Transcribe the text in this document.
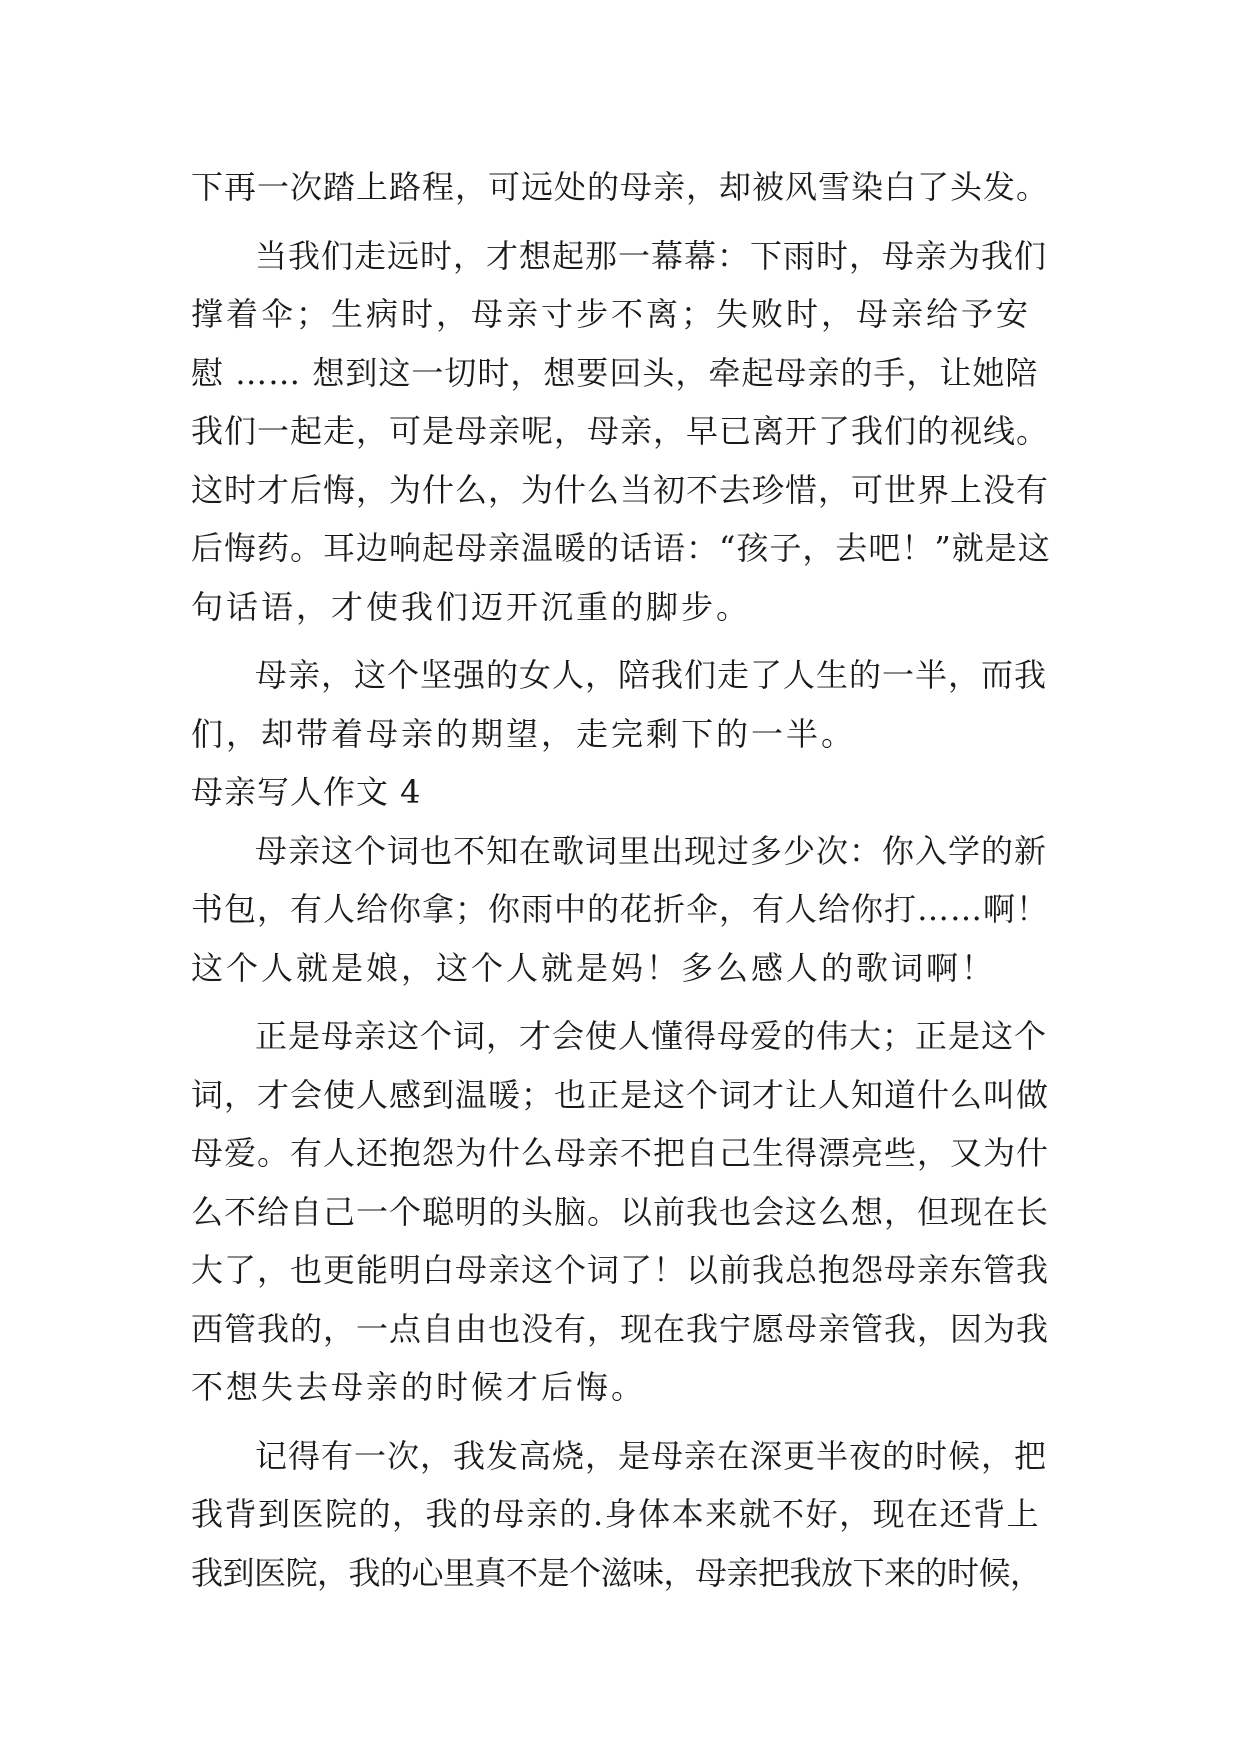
下再一次踏上路程，可远处的母亲，却被风雪染白了头发。
当我们走远时，才想起那一幕幕：下雨时，母亲为我们
撑着伞；生病时，母亲寸步不离；失败时，母亲给予安
慰 …… 想到这一切时，想要回头，牵起母亲的手，让她陪
我们一起走，可是母亲呢，母亲，早已离开了我们的视线。
这时才后悔，为什么，为什么当初不去珍惜，可世界上没有
后悔药。耳边响起母亲温暖的话语：“孩子，去吧！”就是这
句话语，才使我们迈开沉重的脚步。
母亲，这个坚强的女人，陪我们走了人生的一半，而我
们，却带着母亲的期望，走完剩下的一半。
母亲写人作文 4
母亲这个词也不知在歌词里出现过多少次：你入学的新
书包，有人给你拿；你雨中的花折伞，有人给你打……啊！
这个人就是娘，这个人就是妈！多么感人的歌词啊！
正是母亲这个词，才会使人懂得母爱的伟大；正是这个
词，才会使人感到温暖；也正是这个词才让人知道什么叫做
母爱。有人还抱怨为什么母亲不把自己生得漂亮些，又为什
么不给自己一个聪明的头脑。以前我也会这么想，但现在长
大了，也更能明白母亲这个词了！以前我总抱怨母亲东管我
西管我的，一点自由也没有，现在我宁愿母亲管我，因为我
不想失去母亲的时候才后悔。
记得有一次，我发高烧，是母亲在深更半夜的时候，把
我背到医院的，我的母亲的.身体本来就不好，现在还背上
我到医院，我的心里真不是个滋味，母亲把我放下来的时候，
